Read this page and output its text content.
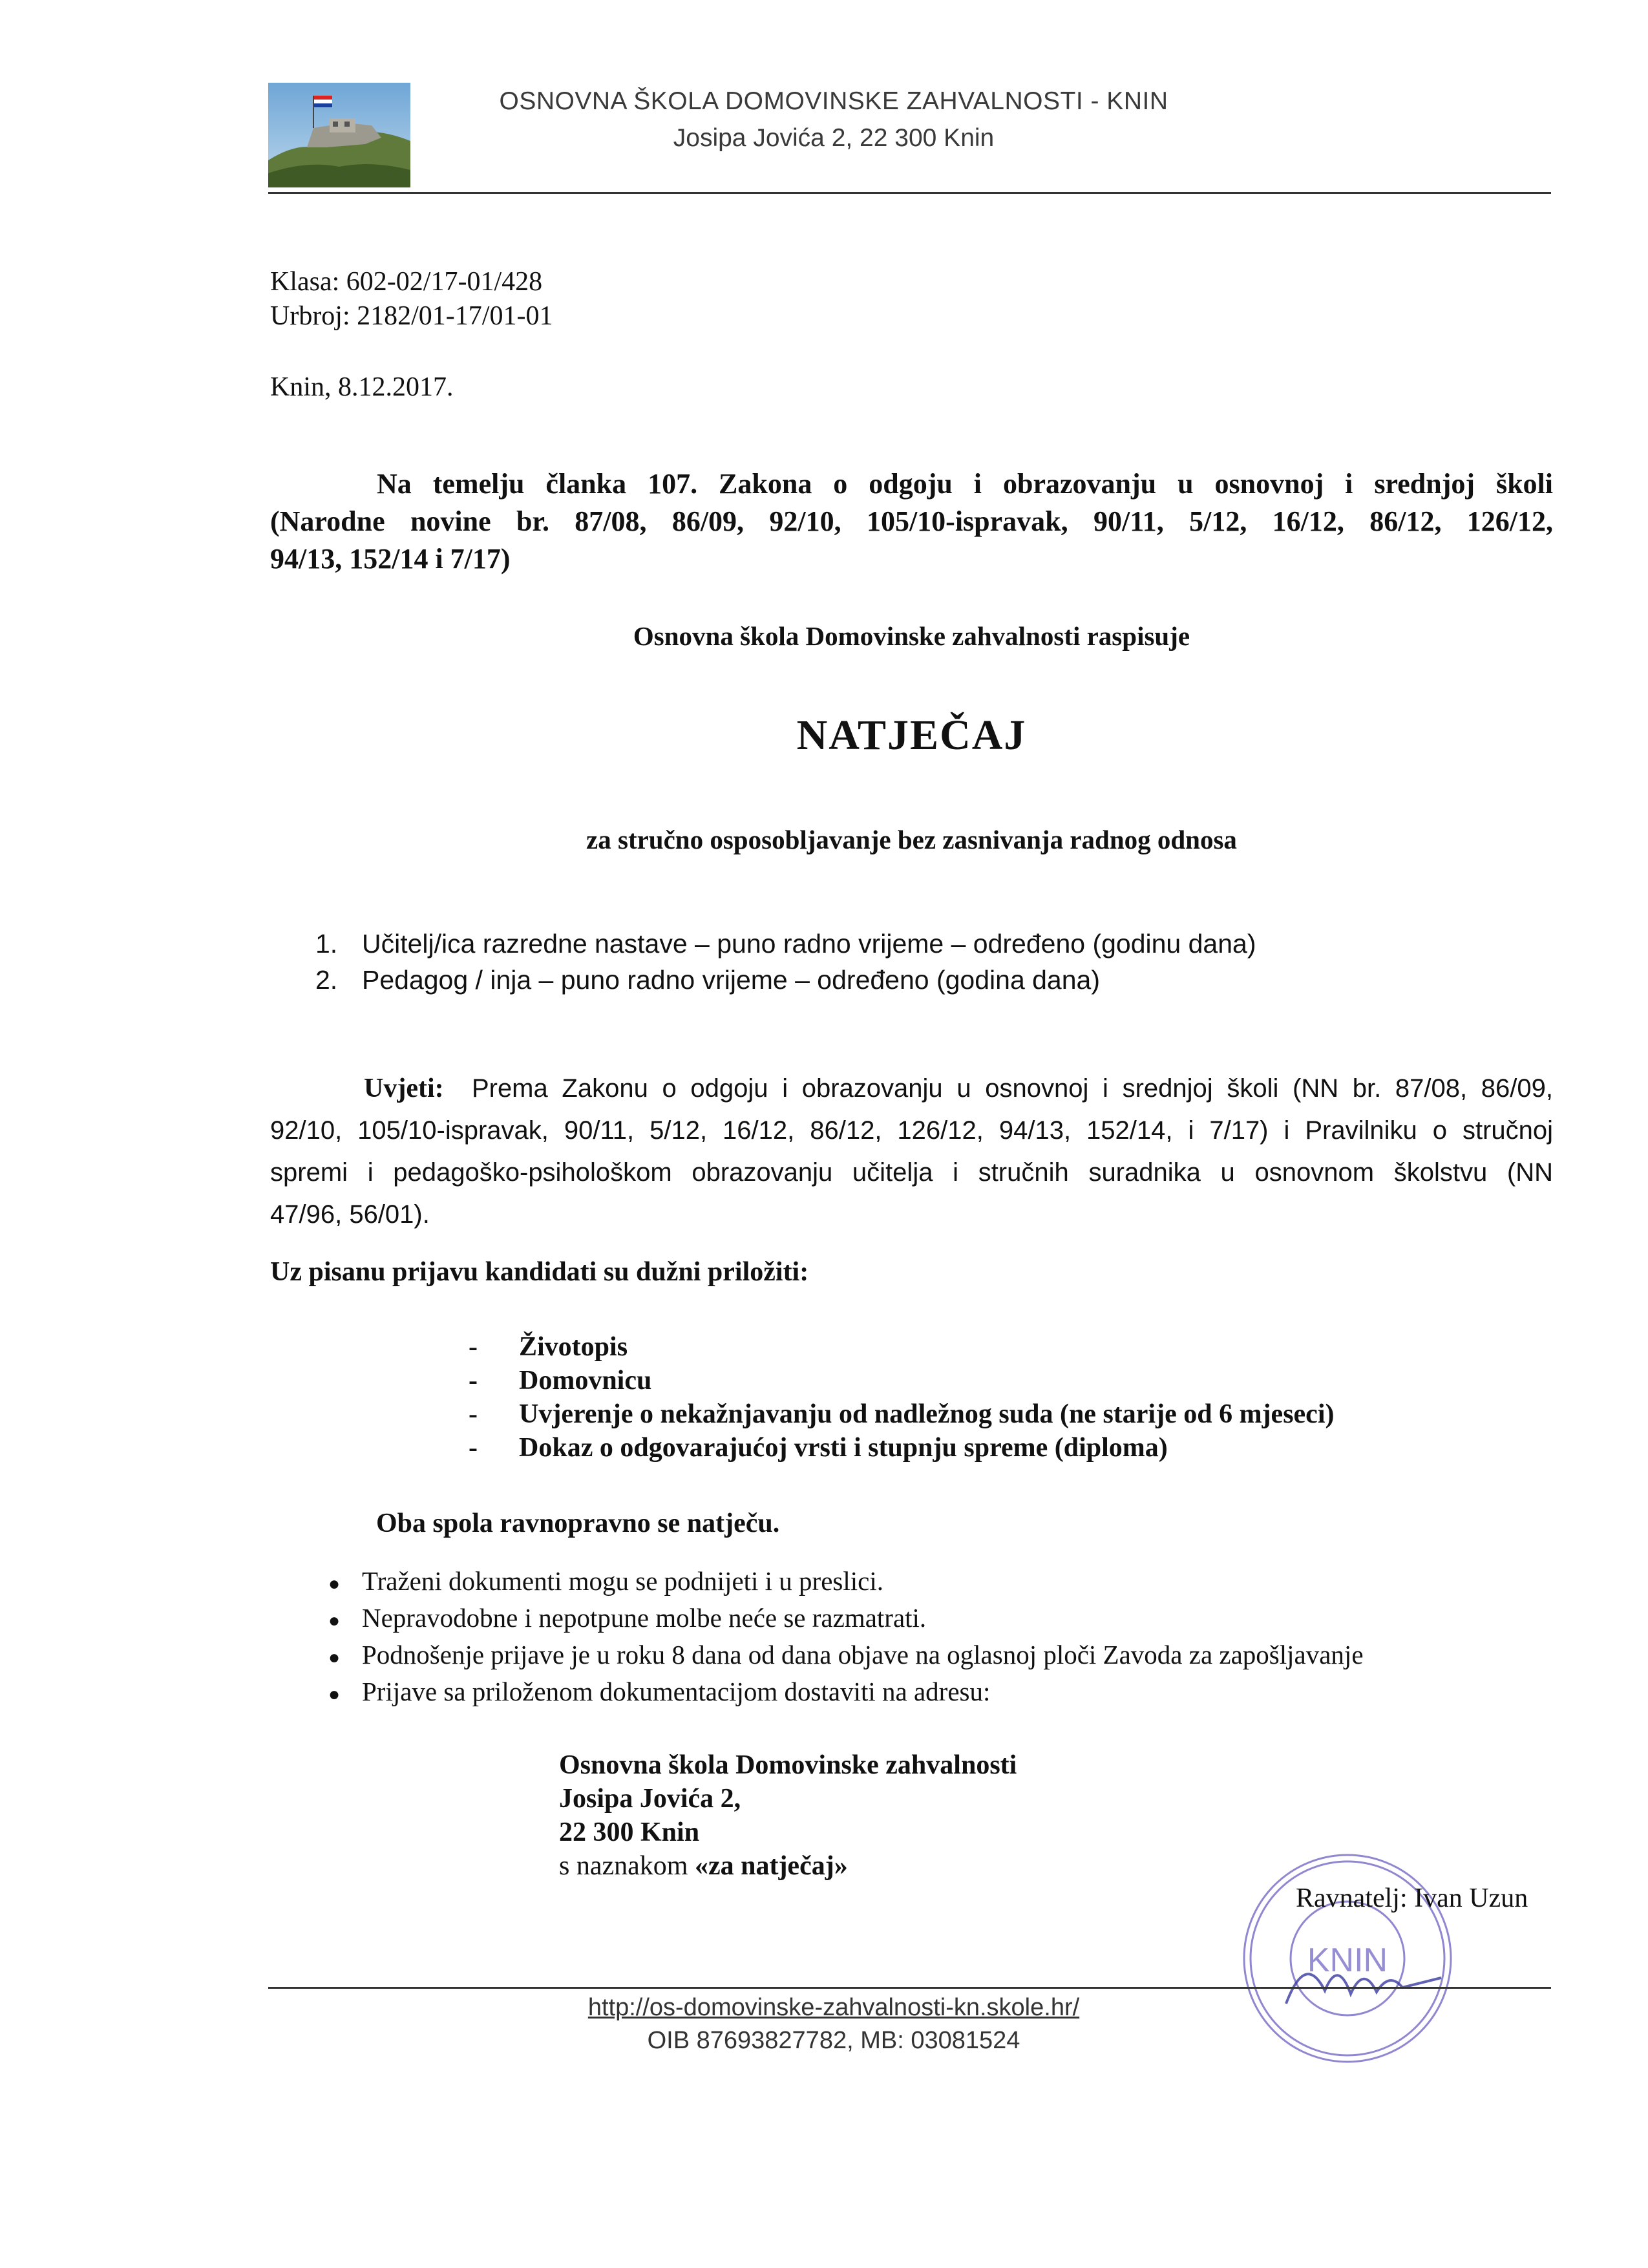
OSNOVNA ŠKOLA DOMOVINSKE ZAHVALNOSTI - KNIN
Josipa Jovića 2, 22 300 Knin
Klasa: 602-02/17-01/428
Urbroj: 2182/01-17/01-01
Knin, 8.12.2017.

Na temelju članka 107. Zakona o odgoju i obrazovanju u osnovnoj i srednjoj školi

(Narodne novine br. 87/08, 86/09, 92/10, 105/10-ispravak, 90/11, 5/12, 16/12, 86/12, 126/12,

94/13, 152/14 i 7/17)

Osnovna škola Domovinske zahvalnosti raspisuje
NATJEČAJ
za stručno osposobljavanje bez zasnivanja radnog odnosa
1. Učitelj/ica razredne nastave – puno radno vrijeme – određeno (godinu dana)
2. Pedagog / inja – puno radno vrijeme – određeno (godina dana)
Uvjeti: Prema Zakonu o odgoju i obrazovanju u osnovnoj i srednjoj školi (NN br. 87/08, 86/09,
92/10, 105/10-ispravak, 90/11, 5/12, 16/12, 86/12, 126/12, 94/13, 152/14, i 7/17) i Pravilniku o stručnoj
spremi i pedagoško-psihološkom obrazovanju učitelja i stručnih suradnika u osnovnom školstvu (NN
47/96, 56/01).
Uz pisanu prijavu kandidati su dužni priložiti:
- Životopis
- Domovnicu
- Uvjerenje o nekažnjavanju od nadležnog suda (ne starije od 6 mjeseci)
- Dokaz o odgovarajućoj vrsti i stupnju spreme (diploma)
Oba spola ravnopravno se natječu.
● Traženi dokumenti mogu se podnijeti i u preslici.
● Nepravodobne i nepotpune molbe neće se razmatrati.
● Podnošenje prijave je u roku 8 dana od dana objave na oglasnoj ploči Zavoda za zapošljavanje
● Prijave sa priloženom dokumentacijom dostaviti na adresu:
Osnovna škola Domovinske zahvalnosti
Josipa Jovića 2,
22 300 Knin
s naznakom «za natječaj»
KNIN
Ravnatelj: Ivan Uzun
http://os-domovinske-zahvalnosti-kn.skole.hr/
OIB 87693827782, MB: 03081524
